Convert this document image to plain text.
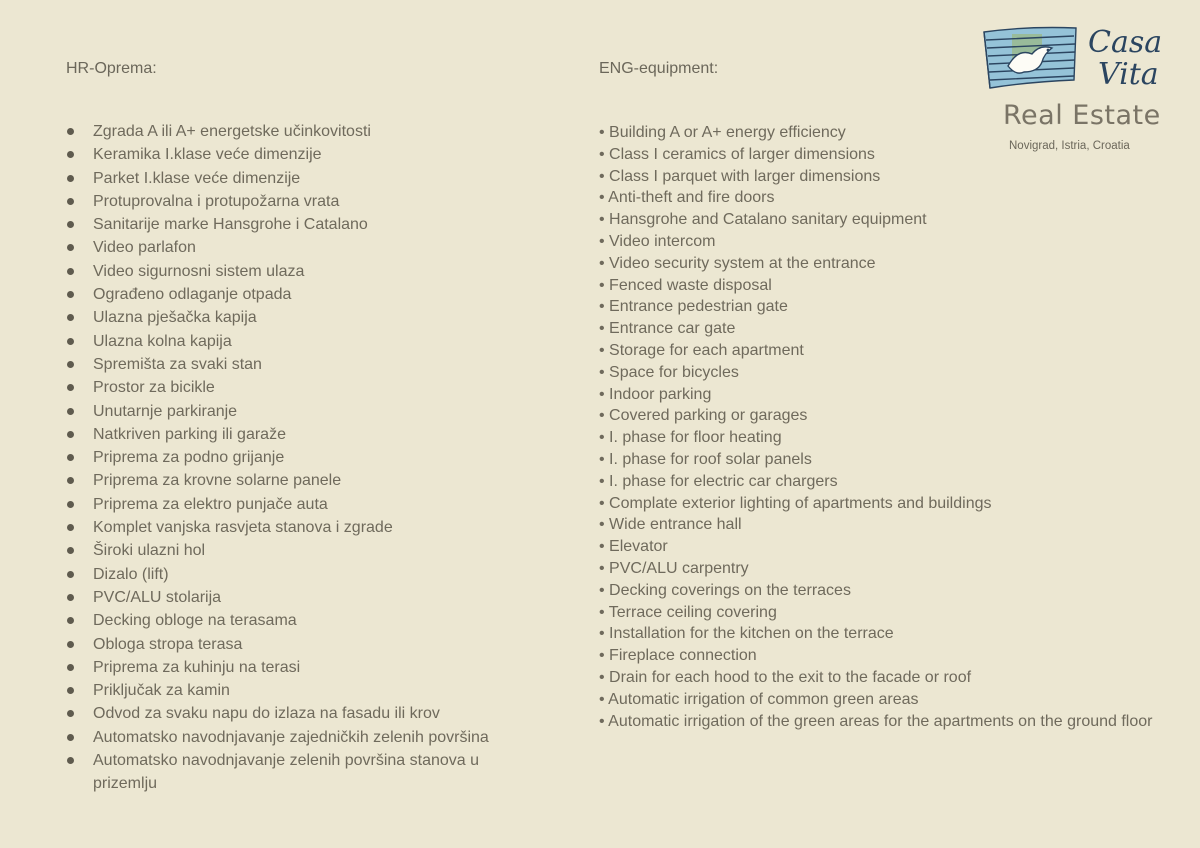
HR-Oprema:
Zgrada A ili A+ energetske učinkovitosti
Keramika I.klase veće dimenzije
Parket I.klase veće dimenzije
Protuprovalna i protupožarna vrata
Sanitarije marke Hansgrohe i Catalano
Video parlafon
Video sigurnosni sistem ulaza
Ograđeno odlaganje otpada
Ulazna pješačka kapija
Ulazna kolna kapija
Spremišta za svaki stan
Prostor za bicikle
Unutarnje parkiranje
Natkriven parking ili garaže
Priprema za podno grijanje
Priprema za krovne solarne panele
Priprema za elektro punjače auta
Komplet vanjska rasvjeta stanova i zgrade
Široki ulazni hol
Dizalo (lift)
PVC/ALU stolarija
Decking obloge na terasama
Obloga stropa terasa
Priprema za kuhinju na terasi
Priključak za kamin
Odvod za svaku napu do izlaza na fasadu ili krov
Automatsko navodnjavanje zajedničkih zelenih površina
Automatsko navodnjavanje zelenih površina stanova u prizemlju
ENG-equipment:
• Building A or A+ energy efficiency
• Class I ceramics of larger dimensions
• Class I parquet with larger dimensions
• Anti-theft and fire doors
• Hansgrohe and Catalano sanitary equipment
• Video intercom
• Video security system at the entrance
• Fenced waste disposal
• Entrance pedestrian gate
• Entrance car gate
• Storage for each apartment
• Space for bicycles
• Indoor parking
• Covered parking or garages
• I. phase for floor heating
• I. phase for roof solar panels
• I. phase for electric car chargers
• Complate exterior lighting of apartments and buildings
• Wide entrance hall
• Elevator
• PVC/ALU carpentry
• Decking coverings on the terraces
• Terrace ceiling covering
• Installation for the kitchen on the terrace
• Fireplace connection
• Drain for each hood to the exit to the facade or roof
• Automatic irrigation of common green areas
• Automatic irrigation of the green areas for the apartments on the ground floor
Casa
Vita
Real Estate
Novigrad, Istria, Croatia
